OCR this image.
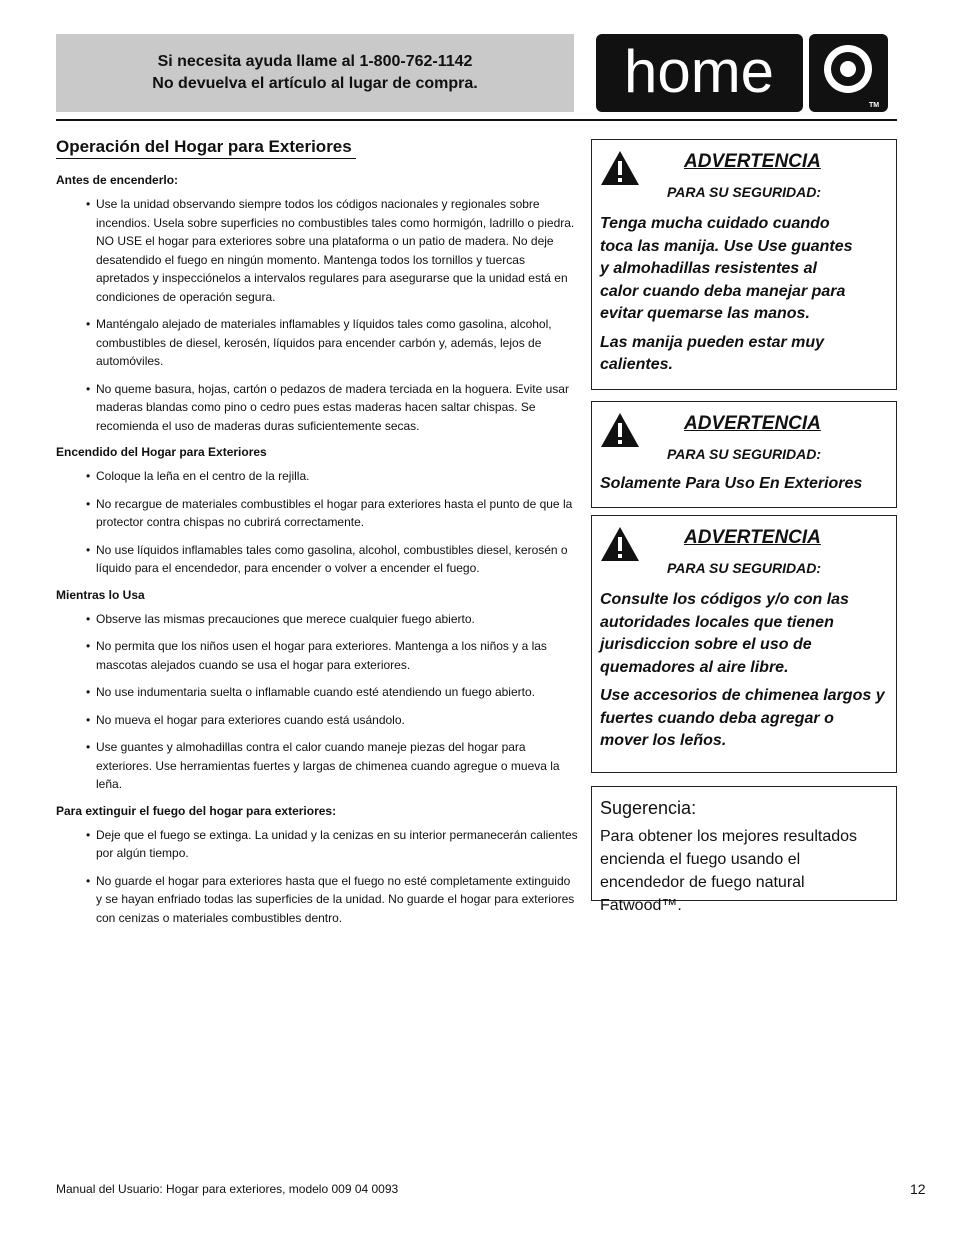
Si necesita ayuda llame al 1-800-762-1142
No devuelva el artículo al lugar de compra. home
TM
Operación del Hogar para Exteriores
Antes de encenderlo:
• Use la unidad observando siempre todos los códigos nacionales y regionales sobre incendios. Usela sobre superficies no combustibles tales como hormigón, ladrillo o piedra. NO USE el hogar para exteriores sobre una plataforma o un patio de madera. No deje desatendido el fuego en ningún momento. Mantenga todos los tornillos y tuercas apretados y inspecciónelos a intervalos regulares para asegurarse que la unidad está en condiciones de operación segura.
• Manténgalo alejado de materiales inflamables y líquidos tales como gasolina, alcohol, combustibles de diesel, kerosén, líquidos para encender carbón y, además, lejos de automóviles.
• No queme basura, hojas, cartón o pedazos de madera terciada en la hoguera. Evite usar maderas blandas como pino o cedro pues estas maderas hacen saltar chispas. Se recomienda el uso de maderas duras suficientemente secas.
Encendido del Hogar para Exteriores
• Coloque la leña en el centro de la rejilla.
• No recargue de materiales combustibles el hogar para exteriores hasta el punto de que la protector contra chispas no cubrirá correctamente.
• No use líquidos inflamables tales como gasolina, alcohol, combustibles diesel, kerosén o líquido para el encendedor, para encender o volver a encender el fuego.
Mientras lo Usa
• Observe las mismas precauciones que merece cualquier fuego abierto.
• No permita que los niños usen el hogar para exteriores. Mantenga a los niños y a las mascotas alejados cuando se usa el hogar para exteriores.
• No use indumentaria suelta o inflamable cuando esté atendiendo un fuego abierto.
• No mueva el hogar para exteriores cuando está usándolo.
• Use guantes y almohadillas contra el calor cuando maneje piezas del hogar para exteriores. Use herramientas fuertes y largas de chimenea cuando agregue o mueva la leña.
Para extinguir el fuego del hogar para exteriores:
• Deje que el fuego se extinga. La unidad y la cenizas en su interior permanecerán calientes por algún tiempo.
• No guarde el hogar para exteriores hasta que el fuego no esté completamente extinguido y se hayan enfriado todas las superficies de la unidad. No guarde el hogar para exteriores con cenizas o materiales combustibles dentro.
ADVERTENCIA
PARA SU SEGURIDAD:
Tenga mucha cuidado cuando toca las manija. Use Use guantes y almohadillas resistentes al calor cuando deba manejar para evitar quemarse las manos.
Las manija pueden estar muy calientes.
ADVERTENCIA
PARA SU SEGURIDAD:
Solamente Para Uso En Exteriores
ADVERTENCIA
PARA SU SEGURIDAD:
Consulte los códigos y/o con las autoridades locales que tienen jurisdiccion sobre el uso de quemadores al aire libre.
Use accesorios de chimenea largos y fuertes cuando deba agregar o mover los leños.
Sugerencia:
Para obtener los mejores resultados encienda el fuego usando el encendedor de fuego natural Fatwood™.
Manual del Usuario: Hogar para exteriores, modelo 009 04 0093	12
